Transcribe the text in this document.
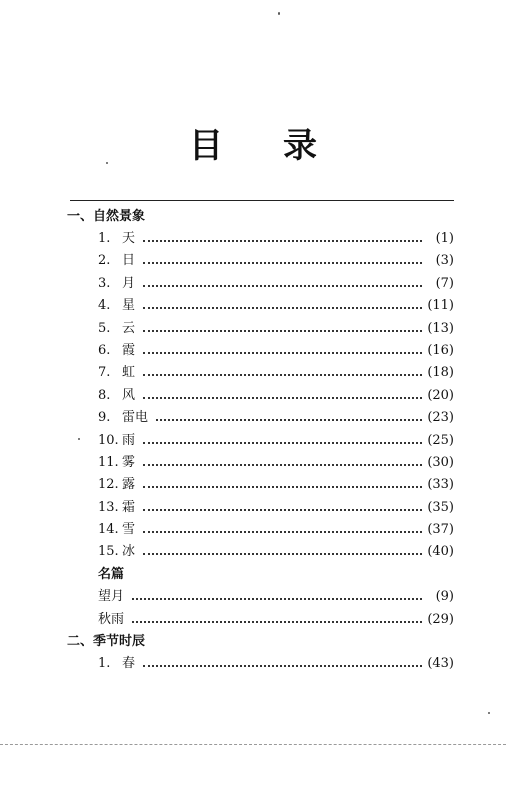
目 录
一、自然景象
1. 天	(1)
2. 日	(3)
3. 月	(7)
4. 星	(11)
5. 云	(13)
6. 霞	(16)
7. 虹	(18)
8. 风	(20)
9. 雷电	(23)
10. 雨	(25)
11. 雾	(30)
12. 露	(33)
13. 霜	(35)
14. 雪	(37)
15. 冰	(40)
名篇
望月	(9)
秋雨	(29)
二、季节时辰
1. 春	(43)
